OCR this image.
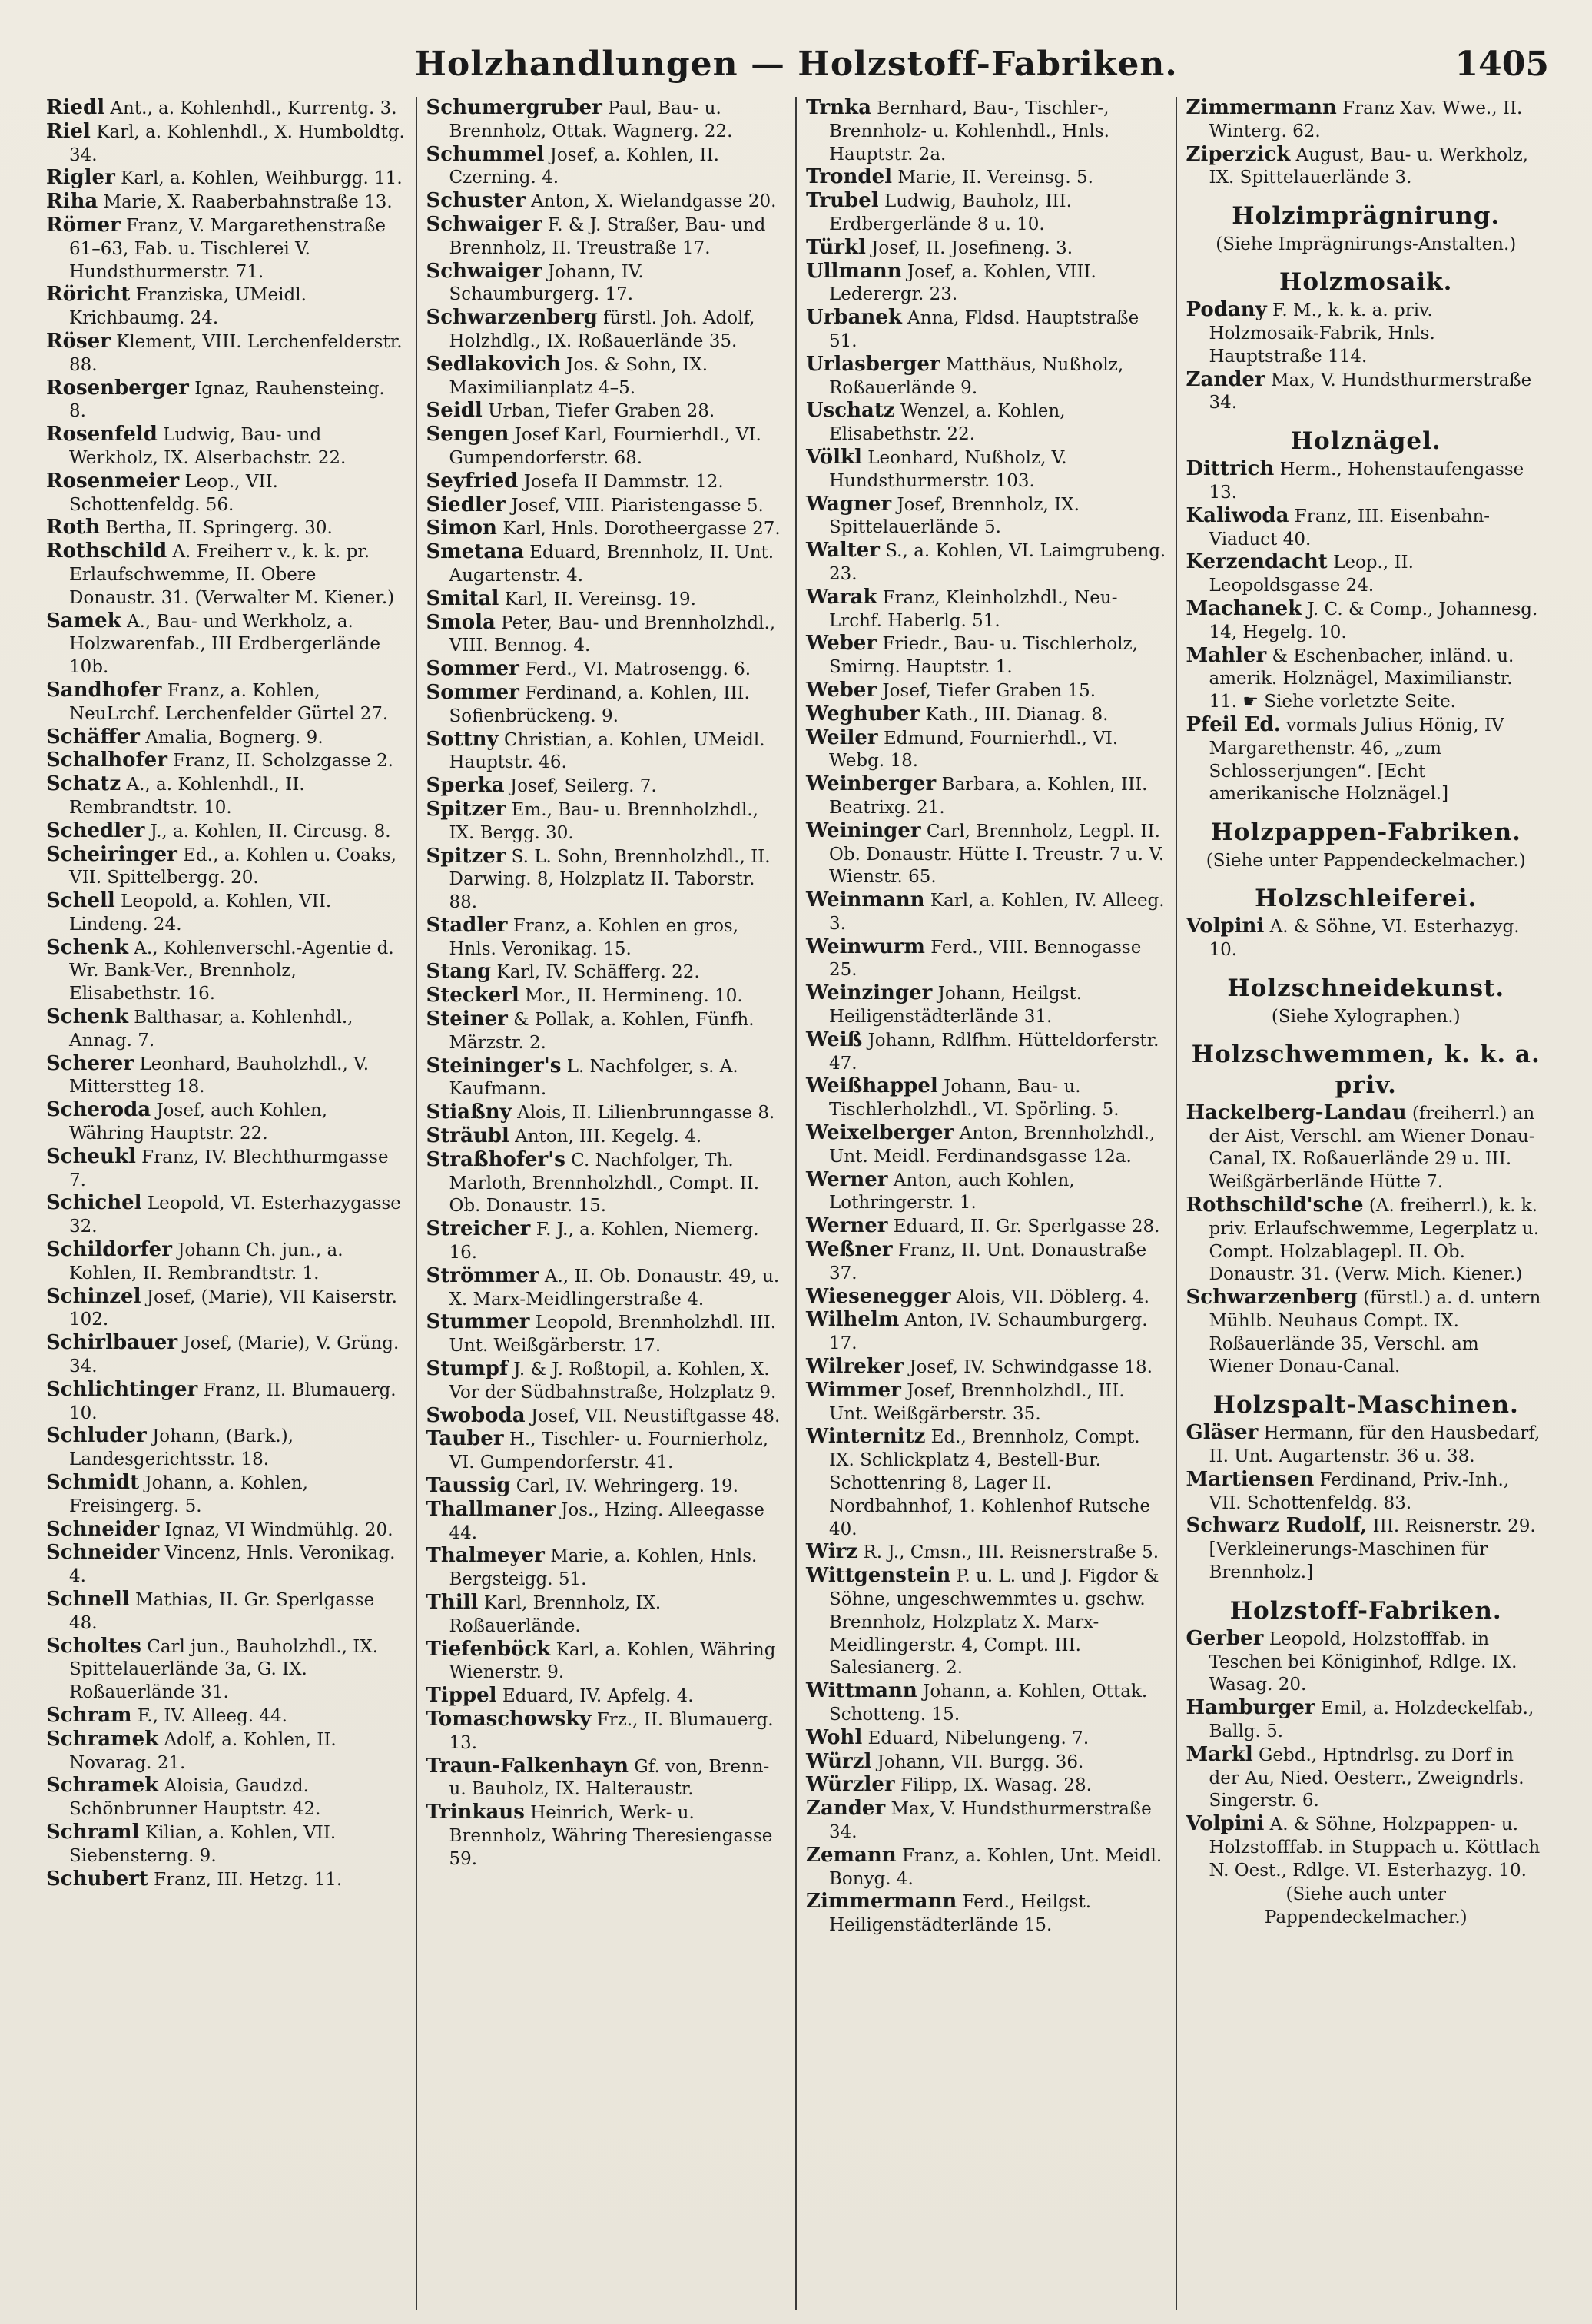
Holzhandlungen — Holzstoff-Fabriken.	1405

Riedl Ant., a. Kohlenhdl., Kurrentg. 3.

Riel Karl, a. Kohlenhdl., X. Humboldtg. 34.

Rigler Karl, a. Kohlen, Weihburgg. 11.

Riha Marie, X. Raaberbahnstraße 13.

Römer Franz, V. Margarethenstraße 61–63, Fab. u. Tischlerei V. Hundsthurmerstr. 71.

Röricht Franziska, UMeidl. Krichbaumg. 24.

Röser Klement, VIII. Lerchenfelderstr. 88.

Rosenberger Ignaz, Rauhensteing. 8.

Rosenfeld Ludwig, Bau- und Werkholz, IX. Alserbachstr. 22.

Rosenmeier Leop., VII. Schottenfeldg. 56.

Roth Bertha, II. Springerg. 30.

Rothschild A. Freiherr v., k. k. pr. Erlaufschwemme, II. Obere Donaustr. 31. (Verwalter M. Kiener.)

Samek A., Bau- und Werkholz, a. Holzwarenfab., III Erdbergerlände 10b.

Sandhofer Franz, a. Kohlen, NeuLrchf. Lerchenfelder Gürtel 27.

Schäffer Amalia, Bognerg. 9.

Schalhofer Franz, II. Scholzgasse 2.

Schatz A., a. Kohlenhdl., II. Rembrandtstr. 10.

Schedler J., a. Kohlen, II. Circusg. 8.

Scheiringer Ed., a. Kohlen u. Coaks, VII. Spittelbergg. 20.

Schell Leopold, a. Kohlen, VII. Lindeng. 24.

Schenk A., Kohlenverschl.-Agentie d. Wr. Bank-Ver., Brennholz, Elisabethstr. 16.

Schenk Balthasar, a. Kohlenhdl., Annag. 7.

Scherer Leonhard, Bauholzhdl., V. Mitterstteg 18.

Scheroda Josef, auch Kohlen, Währing Hauptstr. 22.

Scheukl Franz, IV. Blechthurmgasse 7.

Schichel Leopold, VI. Esterhazygasse 32.

Schildorfer Johann Ch. jun., a. Kohlen, II. Rembrandtstr. 1.

Schinzel Josef, (Marie), VII Kaiserstr. 102.

Schirlbauer Josef, (Marie), V. Grüng. 34.

Schlichtinger Franz, II. Blumauerg. 10.

Schluder Johann, (Bark.), Landesgerichtsstr. 18.

Schmidt Johann, a. Kohlen, Freisingerg. 5.

Schneider Ignaz, VI Windmühlg. 20.

Schneider Vincenz, Hnls. Veronikag. 4.

Schnell Mathias, II. Gr. Sperlgasse 48.

Scholtes Carl jun., Bauholzhdl., IX. Spittelauerlände 3a, G. IX. Roßauerlände 31.

Schram F., IV. Alleeg. 44.

Schramek Adolf, a. Kohlen, II. Novarag. 21.

Schramek Aloisia, Gaudzd. Schönbrunner Hauptstr. 42.

Schraml Kilian, a. Kohlen, VII. Siebensterng. 9.

Schubert Franz, III. Hetzg. 11.

Schumergruber Paul, Bau- u. Brennholz, Ottak. Wagnerg. 22.

Schummel Josef, a. Kohlen, II. Czerning. 4.

Schuster Anton, X. Wielandgasse 20.

Schwaiger F. & J. Straßer, Bau- und Brennholz, II. Treustraße 17.

Schwaiger Johann, IV. Schaumburgerg. 17.

Schwarzenberg fürstl. Joh. Adolf, Holzhdlg., IX. Roßauerlände 35.

Sedlakovich Jos. & Sohn, IX. Maximilianplatz 4–5.

Seidl Urban, Tiefer Graben 28.

Sengen Josef Karl, Fournierhdl., VI. Gumpendorferstr. 68.

Seyfried Josefa II Dammstr. 12.

Siedler Josef, VIII. Piaristengasse 5.

Simon Karl, Hnls. Dorotheergasse 27.

Smetana Eduard, Brennholz, II. Unt. Augartenstr. 4.

Smital Karl, II. Vereinsg. 19.

Smola Peter, Bau- und Brennholzhdl., VIII. Bennog. 4.

Sommer Ferd., VI. Matrosengg. 6.

Sommer Ferdinand, a. Kohlen, III. Sofienbrückeng. 9.

Sottny Christian, a. Kohlen, UMeidl. Hauptstr. 46.

Sperka Josef, Seilerg. 7.

Spitzer Em., Bau- u. Brennholzhdl., IX. Bergg. 30.

Spitzer S. L. Sohn, Brennholzhdl., II. Darwing. 8, Holzplatz II. Taborstr. 88.

Stadler Franz, a. Kohlen en gros, Hnls. Veronikag. 15.

Stang Karl, IV. Schäfferg. 22.

Steckerl Mor., II. Hermineng. 10.

Steiner & Pollak, a. Kohlen, Fünfh. Märzstr. 2.

Steininger's L. Nachfolger, s. A. Kaufmann.

Stiaßny Alois, II. Lilienbrunngasse 8.

Sträubl Anton, III. Kegelg. 4.

Straßhofer's C. Nachfolger, Th. Marloth, Brennholzhdl., Compt. II. Ob. Donaustr. 15.

Streicher F. J., a. Kohlen, Niemerg. 16.

Strömmer A., II. Ob. Donaustr. 49, u. X. Marx-Meidlingerstraße 4.

Stummer Leopold, Brennholzhdl. III. Unt. Weißgärberstr. 17.

Stumpf J. & J. Roßtopil, a. Kohlen, X. Vor der Südbahnstraße, Holzplatz 9.

Swoboda Josef, VII. Neustiftgasse 48.

Tauber H., Tischler- u. Fournierholz, VI. Gumpendorferstr. 41.

Taussig Carl, IV. Wehringerg. 19.

Thallmaner Jos., Hzing. Alleegasse 44.

Thalmeyer Marie, a. Kohlen, Hnls. Bergsteigg. 51.

Thill Karl, Brennholz, IX. Roßauerlände.

Tiefenböck Karl, a. Kohlen, Währing Wienerstr. 9.

Tippel Eduard, IV. Apfelg. 4.

Tomaschowsky Frz., II. Blumauerg. 13.

Traun-Falkenhayn Gf. von, Brenn- u. Bauholz, IX. Halteraustr.

Trinkaus Heinrich, Werk- u. Brennholz, Währing Theresiengasse 59.

Trnka Bernhard, Bau-, Tischler-, Brennholz- u. Kohlenhdl., Hnls. Hauptstr. 2a.

Trondel Marie, II. Vereinsg. 5.

Trubel Ludwig, Bauholz, III. Erdbergerlände 8 u. 10.

Türkl Josef, II. Josefineng. 3.

Ullmann Josef, a. Kohlen, VIII. Lederergr. 23.

Urbanek Anna, Fldsd. Hauptstraße 51.

Urlasberger Matthäus, Nußholz, Roßauerlände 9.

Uschatz Wenzel, a. Kohlen, Elisabethstr. 22.

Völkl Leonhard, Nußholz, V. Hundsthurmerstr. 103.

Wagner Josef, Brennholz, IX. Spittelauerlände 5.

Walter S., a. Kohlen, VI. Laimgrubeng. 23.

Warak Franz, Kleinholzhdl., Neu-Lrchf. Haberlg. 51.

Weber Friedr., Bau- u. Tischlerholz, Smirng. Hauptstr. 1.

Weber Josef, Tiefer Graben 15.

Weghuber Kath., III. Dianag. 8.

Weiler Edmund, Fournierhdl., VI. Webg. 18.

Weinberger Barbara, a. Kohlen, III. Beatrixg. 21.

Weininger Carl, Brennholz, Legpl. II. Ob. Donaustr. Hütte I. Treustr. 7 u. V. Wienstr. 65.

Weinmann Karl, a. Kohlen, IV. Alleeg. 3.

Weinwurm Ferd., VIII. Bennogasse 25.

Weinzinger Johann, Heilgst. Heiligenstädterlände 31.

Weiß Johann, Rdlfhm. Hütteldorferstr. 47.

Weißhappel Johann, Bau- u. Tischlerholzhdl., VI. Spörling. 5.

Weixelberger Anton, Brennholzhdl., Unt. Meidl. Ferdinandsgasse 12a.

Werner Anton, auch Kohlen, Lothringerstr. 1.

Werner Eduard, II. Gr. Sperlgasse 28.

Weßner Franz, II. Unt. Donaustraße 37.

Wiesenegger Alois, VII. Döblerg. 4.

Wilhelm Anton, IV. Schaumburgerg. 17.

Wilreker Josef, IV. Schwindgasse 18.

Wimmer Josef, Brennholzhdl., III. Unt. Weißgärberstr. 35.

Winternitz Ed., Brennholz, Compt. IX. Schlickplatz 4, Bestell-Bur. Schottenring 8, Lager II. Nordbahnhof, 1. Kohlenhof Rutsche 40.

Wirz R. J., Cmsn., III. Reisnerstraße 5.

Wittgenstein P. u. L. und J. Figdor & Söhne, ungeschwemmtes u. gschw. Brennholz, Holzplatz X. Marx-Meidlingerstr. 4, Compt. III. Salesianerg. 2.

Wittmann Johann, a. Kohlen, Ottak. Schotteng. 15.

Wohl Eduard, Nibelungeng. 7.

Würzl Johann, VII. Burgg. 36.

Würzler Filipp, IX. Wasag. 28.

Zander Max, V. Hundsthurmerstraße 34.

Zemann Franz, a. Kohlen, Unt. Meidl. Bonyg. 4.

Zimmermann Ferd., Heilgst. Heiligenstädterlände 15.

Zimmermann Franz Xav. Wwe., II. Winterg. 62.

Ziperzick August, Bau- u. Werkholz, IX. Spittelauerlände 3.

Holzimprägnirung.
(Siehe Imprägnirungs-Anstalten.)
Holzmosaik.

Podany F. M., k. k. a. priv. Holzmosaik-Fabrik, Hnls. Hauptstraße 114.

Zander Max, V. Hundsthurmerstraße 34.

Holznägel.

Dittrich Herm., Hohenstaufengasse 13.

Kaliwoda Franz, III. Eisenbahn-Viaduct 40.

Kerzendacht Leop., II. Leopoldsgasse 24.

Machanek J. C. & Comp., Johannesg. 14, Hegelg. 10.

Mahler & Eschenbacher, inländ. u. amerik. Holznägel, Maximilianstr. 11. ☛ Siehe vorletzte Seite.

Pfeil Ed. vormals Julius Hönig, IV Margarethenstr. 46, „zum Schlosserjungen“. [Echt amerikanische Holznägel.]

Holzpappen-Fabriken.
(Siehe unter Pappendeckelmacher.)
Holzschleiferei.

Volpini A. & Söhne, VI. Esterhazyg. 10.

Holzschneidekunst.
(Siehe Xylographen.)
Holzschwemmen, k. k. a. priv.

Hackelberg-Landau (freiherrl.) an der Aist, Verschl. am Wiener Donau-Canal, IX. Roßauerlände 29 u. III. Weißgärberlände Hütte 7.

Rothschild'sche (A. freiherrl.), k. k. priv. Erlaufschwemme, Legerplatz u. Compt. Holzablagepl. II. Ob. Donaustr. 31. (Verw. Mich. Kiener.)

Schwarzenberg (fürstl.) a. d. untern Mühlb. Neuhaus Compt. IX. Roßauerlände 35, Verschl. am Wiener Donau-Canal.

Holzspalt-Maschinen.

Gläser Hermann, für den Hausbedarf, II. Unt. Augartenstr. 36 u. 38.

Martiensen Ferdinand, Priv.-Inh., VII. Schottenfeldg. 83.

Schwarz Rudolf, III. Reisnerstr. 29. [Verkleinerungs-Maschinen für Brennholz.]

Holzstoff-Fabriken.

Gerber Leopold, Holzstofffab. in Teschen bei Königinhof, Rdlge. IX. Wasag. 20.

Hamburger Emil, a. Holzdeckelfab., Ballg. 5.

Markl Gebd., Hptndrlsg. zu Dorf in der Au, Nied. Oesterr., Zweigndrls. Singerstr. 6.

Volpini A. & Söhne, Holzpappen- u. Holzstofffab. in Stuppach u. Köttlach N. Oest., Rdlge. VI. Esterhazyg. 10.

(Siehe auch unter Pappendeckelmacher.)
